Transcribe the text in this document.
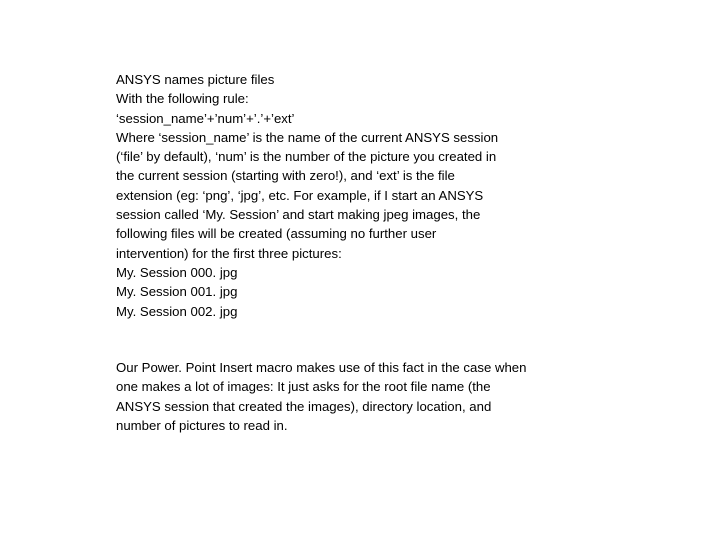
ANSYS names picture files
With the following rule:
‘session_name’+’num’+’.’+’ext’
Where ‘session_name’ is the name of the current ANSYS session
(‘file’ by default), ‘num’ is the number of the picture you created in
the current session (starting with zero!), and ‘ext’ is the file
extension (eg: ‘png’, ‘jpg’, etc. For example, if I start an ANSYS
session called ‘My. Session’ and start making jpeg images, the
following files will be created (assuming no further user
intervention) for the first three pictures:
My. Session 000. jpg
My. Session 001. jpg
My. Session 002. jpg
Our Power. Point Insert macro makes use of this fact in the case when
one makes a lot of images: It just asks for the root file name (the
ANSYS session that created the images), directory location, and
number of pictures to read in.
